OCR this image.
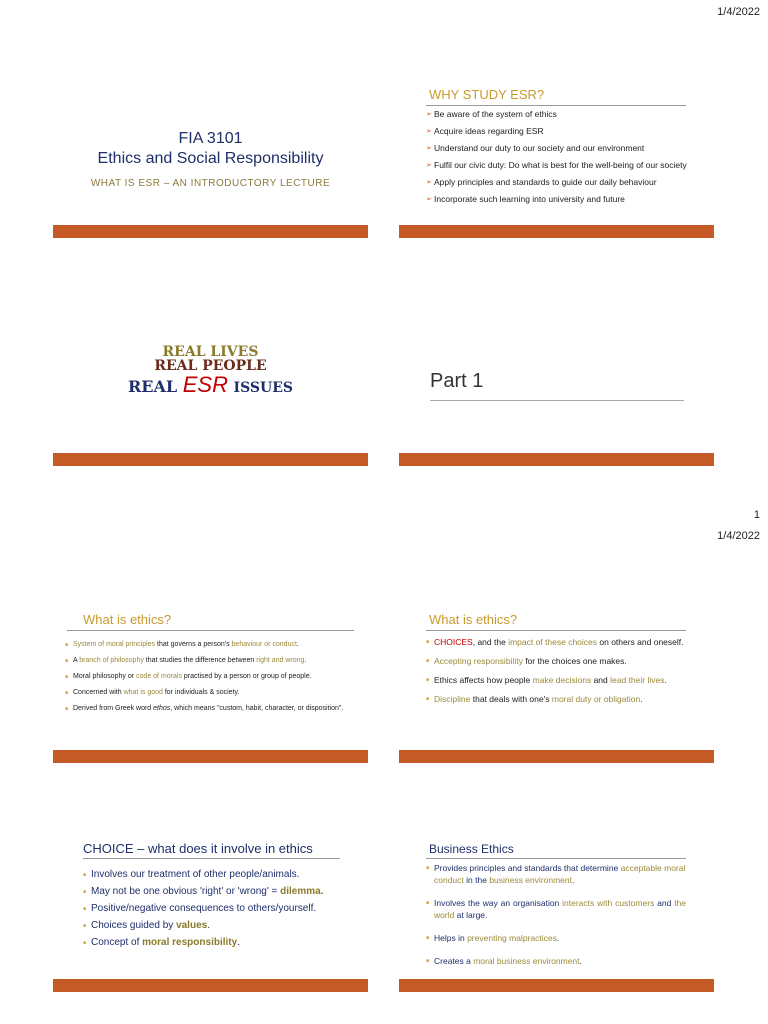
1/4/2022
1
1/4/2022
FIA 3101
Ethics and Social Responsibility
WHAT IS ESR – AN INTRODUCTORY LECTURE
WHY STUDY ESR?
➢ Be aware of the system of ethics
➢ Acquire ideas regarding ESR
➢ Understand our duty to our society and our environment
➢ Fulfil our civic duty: Do what is best for the well-being of our society
➢ Apply principles and standards to guide our daily behaviour
➢ Incorporate such learning into university and future
REAL LIVES
REAL PEOPLE
REAL ESR ISSUES	Part 1
What is ethics?
■ System of moral principles that governs a person's behaviour or conduct.
■ A branch of philosophy that studies the difference between right and wrong.
■ Moral philosophy or code of morals practised by a person or group of people.
■ Concerned with what is good for individuals & society.
■ Derived from Greek word ethos, which means "custom, habit, character, or disposition".
What is ethics?
■ CHOICES, and the impact of these choices on others and oneself.
■ Accepting responsibility for the choices one makes.
■ Ethics affects how people make decisions and lead their lives.
■ Discipline that deals with one's moral duty or obligation.
CHOICE – what does it involve in ethics
■ Involves our treatment of other people/animals.
■ May not be one obvious 'right' or 'wrong' = dilemma.
■ Positive/negative consequences to others/yourself.
■ Choices guided by values.
■ Concept of moral responsibility.
Business Ethics
■ Provides principles and standards that determine acceptable moral conduct in the business environment.
■ Involves the way an organisation interacts with customers and the world at large.
■ Helps in preventing malpractices.
■ Creates a moral business environment.
